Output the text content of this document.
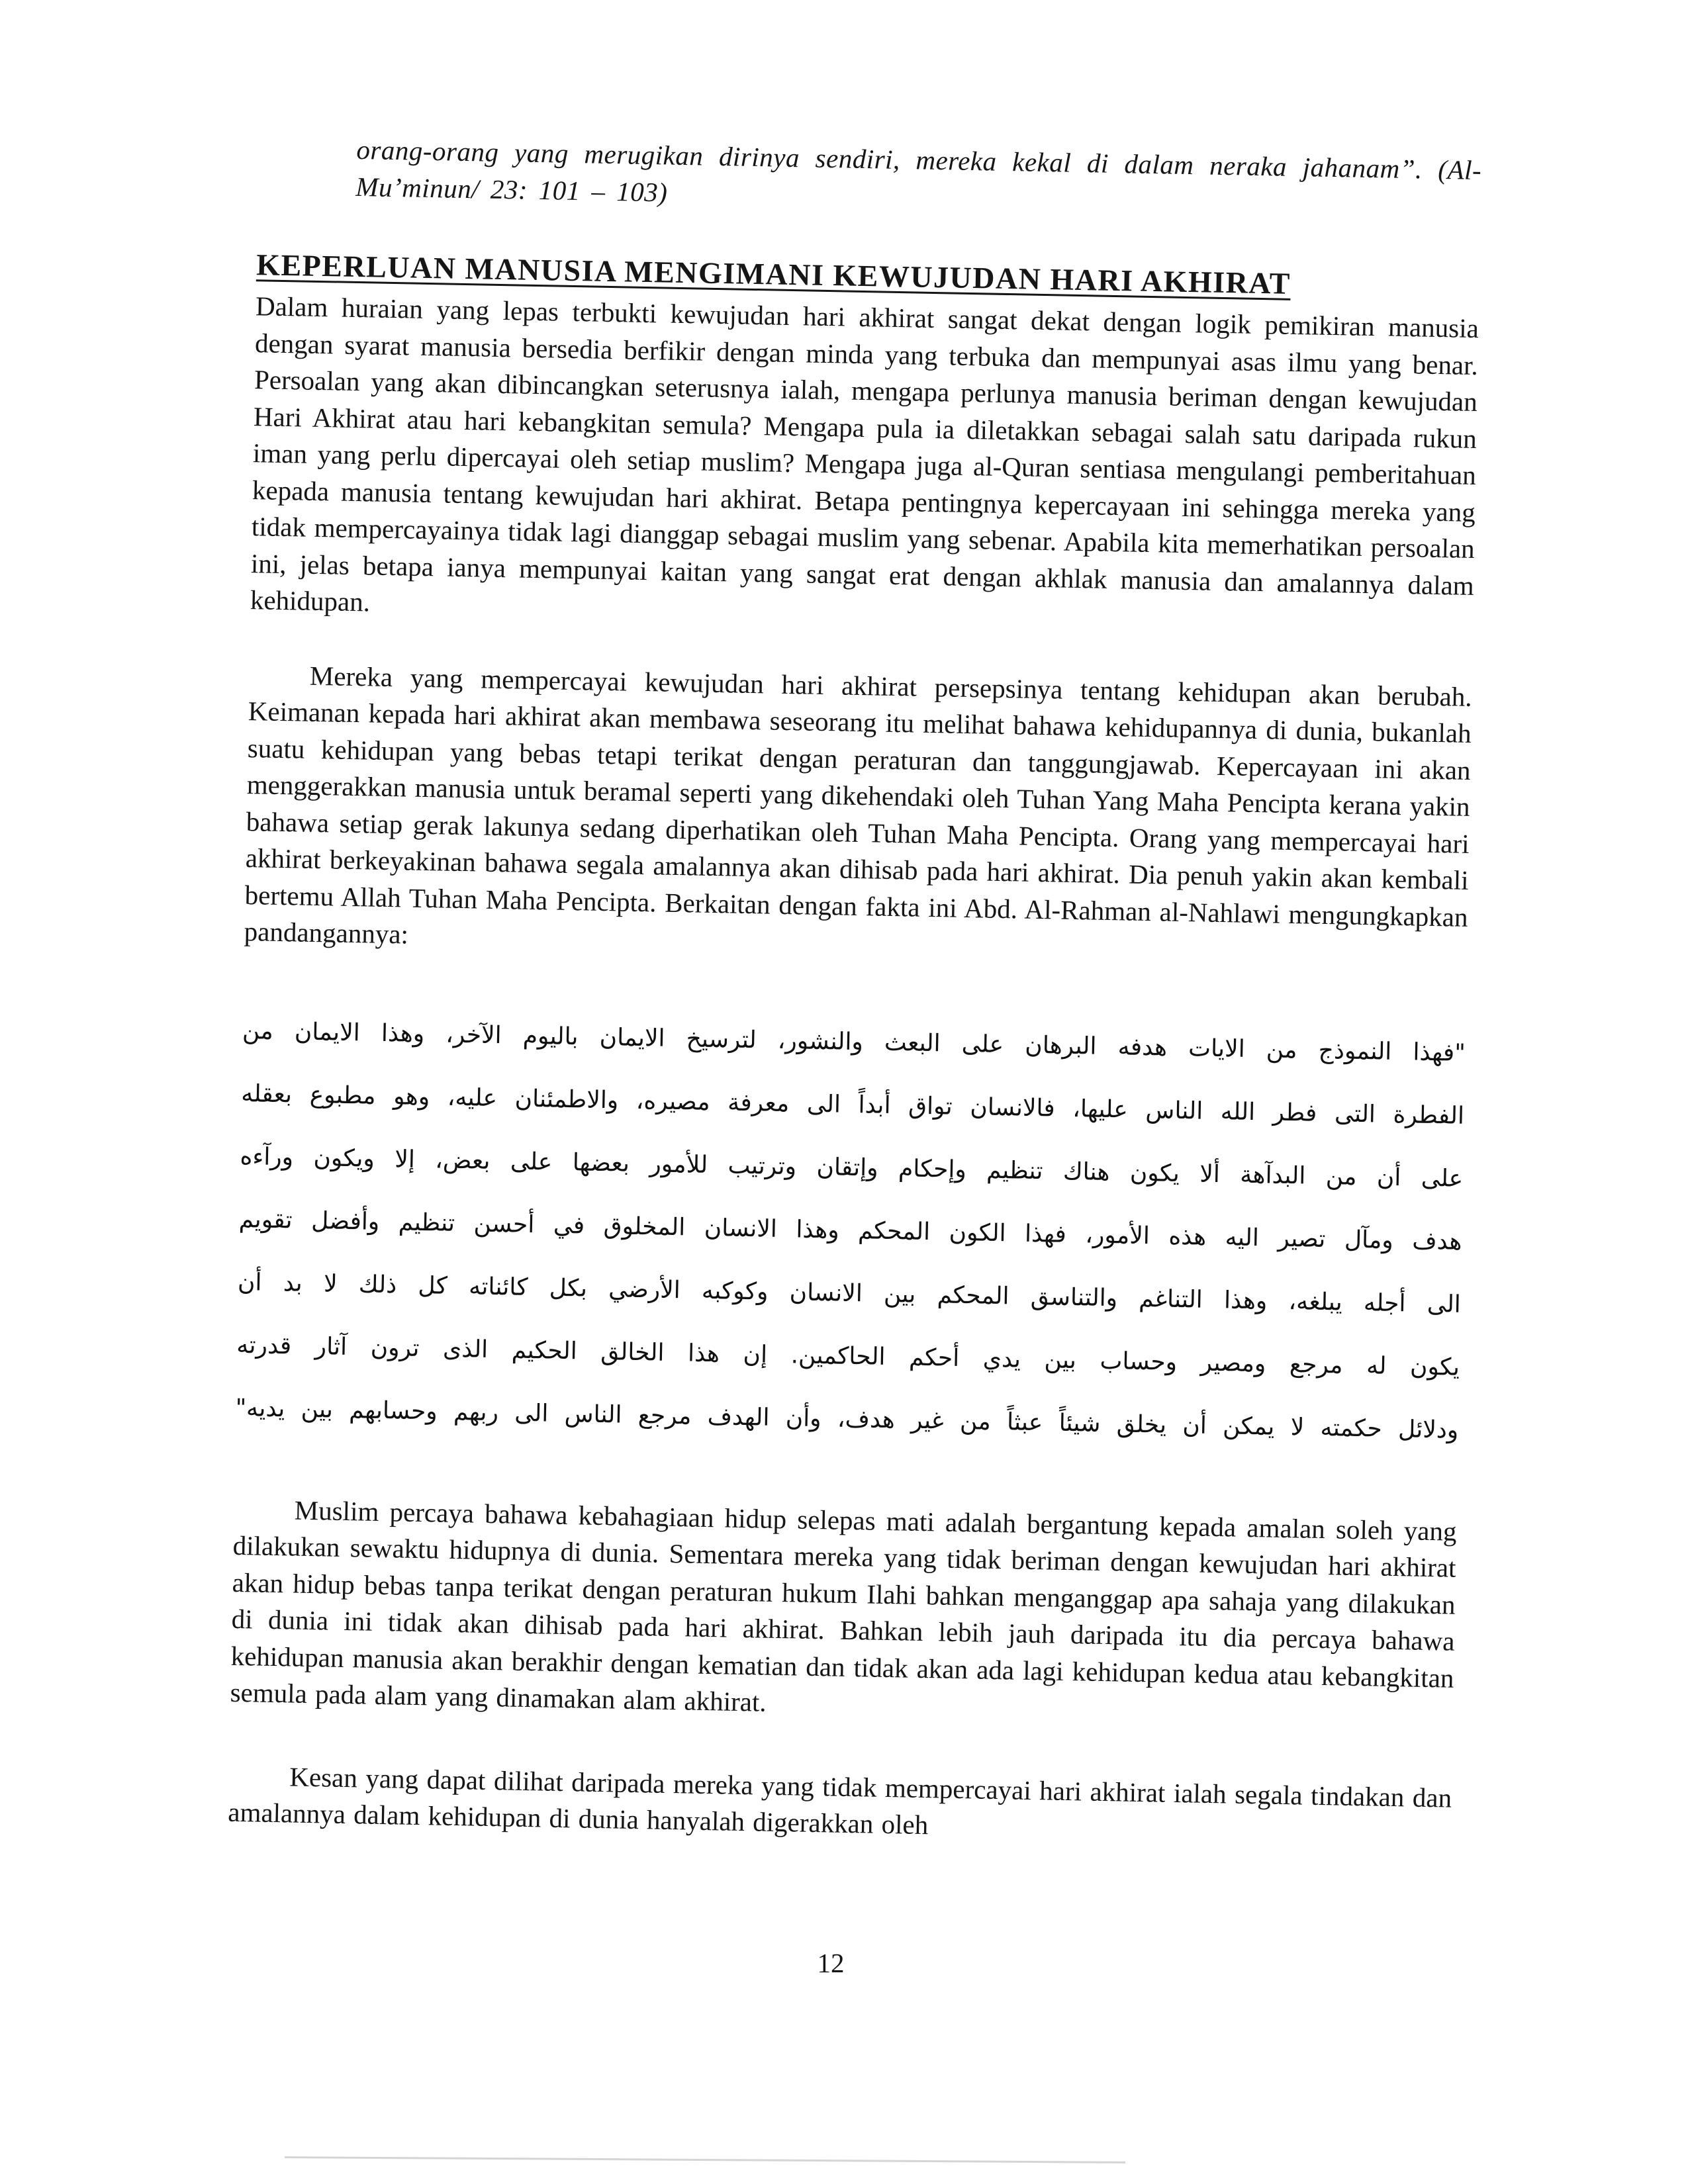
orang-orang yang merugikan dirinya sendiri, mereka kekal di dalam neraka jahanam”. (Al-Mu’minun/ 23: 101 – 103)
KEPERLUAN MANUSIA MENGIMANI KEWUJUDAN HARI AKHIRAT

Dalam huraian yang lepas terbukti kewujudan hari akhirat sangat dekat dengan logik pemikiran manusia dengan syarat manusia bersedia berfikir dengan minda yang terbuka dan mempunyai asas ilmu yang benar. Persoalan yang akan dibincangkan seterusnya ialah, mengapa perlunya manusia beriman dengan kewujudan Hari Akhirat atau hari kebangkitan semula? Mengapa pula ia diletakkan sebagai salah satu daripada rukun iman yang perlu dipercayai oleh setiap muslim? Mengapa juga al-Quran sentiasa mengulangi pemberitahuan kepada manusia tentang kewujudan hari akhirat. Betapa pentingnya kepercayaan ini sehingga mereka yang tidak mempercayainya tidak lagi dianggap sebagai muslim yang sebenar. Apabila kita memerhatikan persoalan ini, jelas betapa ianya mempunyai kaitan yang sangat erat dengan akhlak manusia dan amalannya dalam kehidupan.

Mereka yang mempercayai kewujudan hari akhirat persepsinya tentang kehidupan akan berubah. Keimanan kepada hari akhirat akan membawa seseorang itu melihat bahawa kehidupannya di dunia, bukanlah suatu kehidupan yang bebas tetapi terikat dengan peraturan dan tanggungjawab. Kepercayaan ini akan menggerakkan manusia untuk beramal seperti yang dikehendaki oleh Tuhan Yang Maha Pencipta kerana yakin bahawa setiap gerak lakunya sedang diperhatikan oleh Tuhan Maha Pencipta. Orang yang mempercayai hari akhirat berkeyakinan bahawa segala amalannya akan dihisab pada hari akhirat. Dia penuh yakin akan kembali bertemu Allah Tuhan Maha Pencipta. Berkaitan dengan fakta ini Abd. Al-Rahman al-Nahlawi mengungkapkan pandangannya:

"فهذا النموذج من الايات هدفه البرهان على البعث والنشور، لترسيخ الايمان باليوم الآخر، وهذا الايمان من
الفطرة التى فطر الله الناس عليها، فالانسان تواق أبداً الى معرفة مصيره، والاطمئنان عليه، وهو مطبوع بعقله
على أن من البدآهة ألا يكون هناك تنظيم وإحكام وإتقان وترتيب للأمور بعضها على بعض، إلا ويكون ورآءه
هدف ومآل تصير اليه هذه الأمور، فهذا الكون المحكم وهذا الانسان المخلوق في أحسن تنظيم وأفضل تقويم
الى أجله يبلغه، وهذا التناغم والتناسق المحكم بين الانسان وكوكبه الأرضي بكل كائناته كل ذلك لا بد أن
يكون له مرجع ومصير وحساب بين يدي أحكم الحاكمين. إن هذا الخالق الحكيم الذى ترون آثار قدرته
ودلائل حكمته لا يمكن أن يخلق شيئاً عبثاً من غير هدف، وأن الهدف مرجع الناس الى ربهم وحسابهم بين يديه"

Muslim percaya bahawa kebahagiaan hidup selepas mati adalah bergantung kepada amalan soleh yang dilakukan sewaktu hidupnya di dunia. Sementara mereka yang tidak beriman dengan kewujudan hari akhirat akan hidup bebas tanpa terikat dengan peraturan hukum Ilahi bahkan menganggap apa sahaja yang dilakukan di dunia ini tidak akan dihisab pada hari akhirat. Bahkan lebih jauh daripada itu dia percaya bahawa kehidupan manusia akan berakhir dengan kematian dan tidak akan ada lagi kehidupan kedua atau kebangkitan semula pada alam yang dinamakan alam akhirat.

Kesan yang dapat dilihat daripada mereka yang tidak mempercayai hari akhirat ialah segala tindakan dan amalannya dalam kehidupan di dunia hanyalah digerakkan oleh

12
